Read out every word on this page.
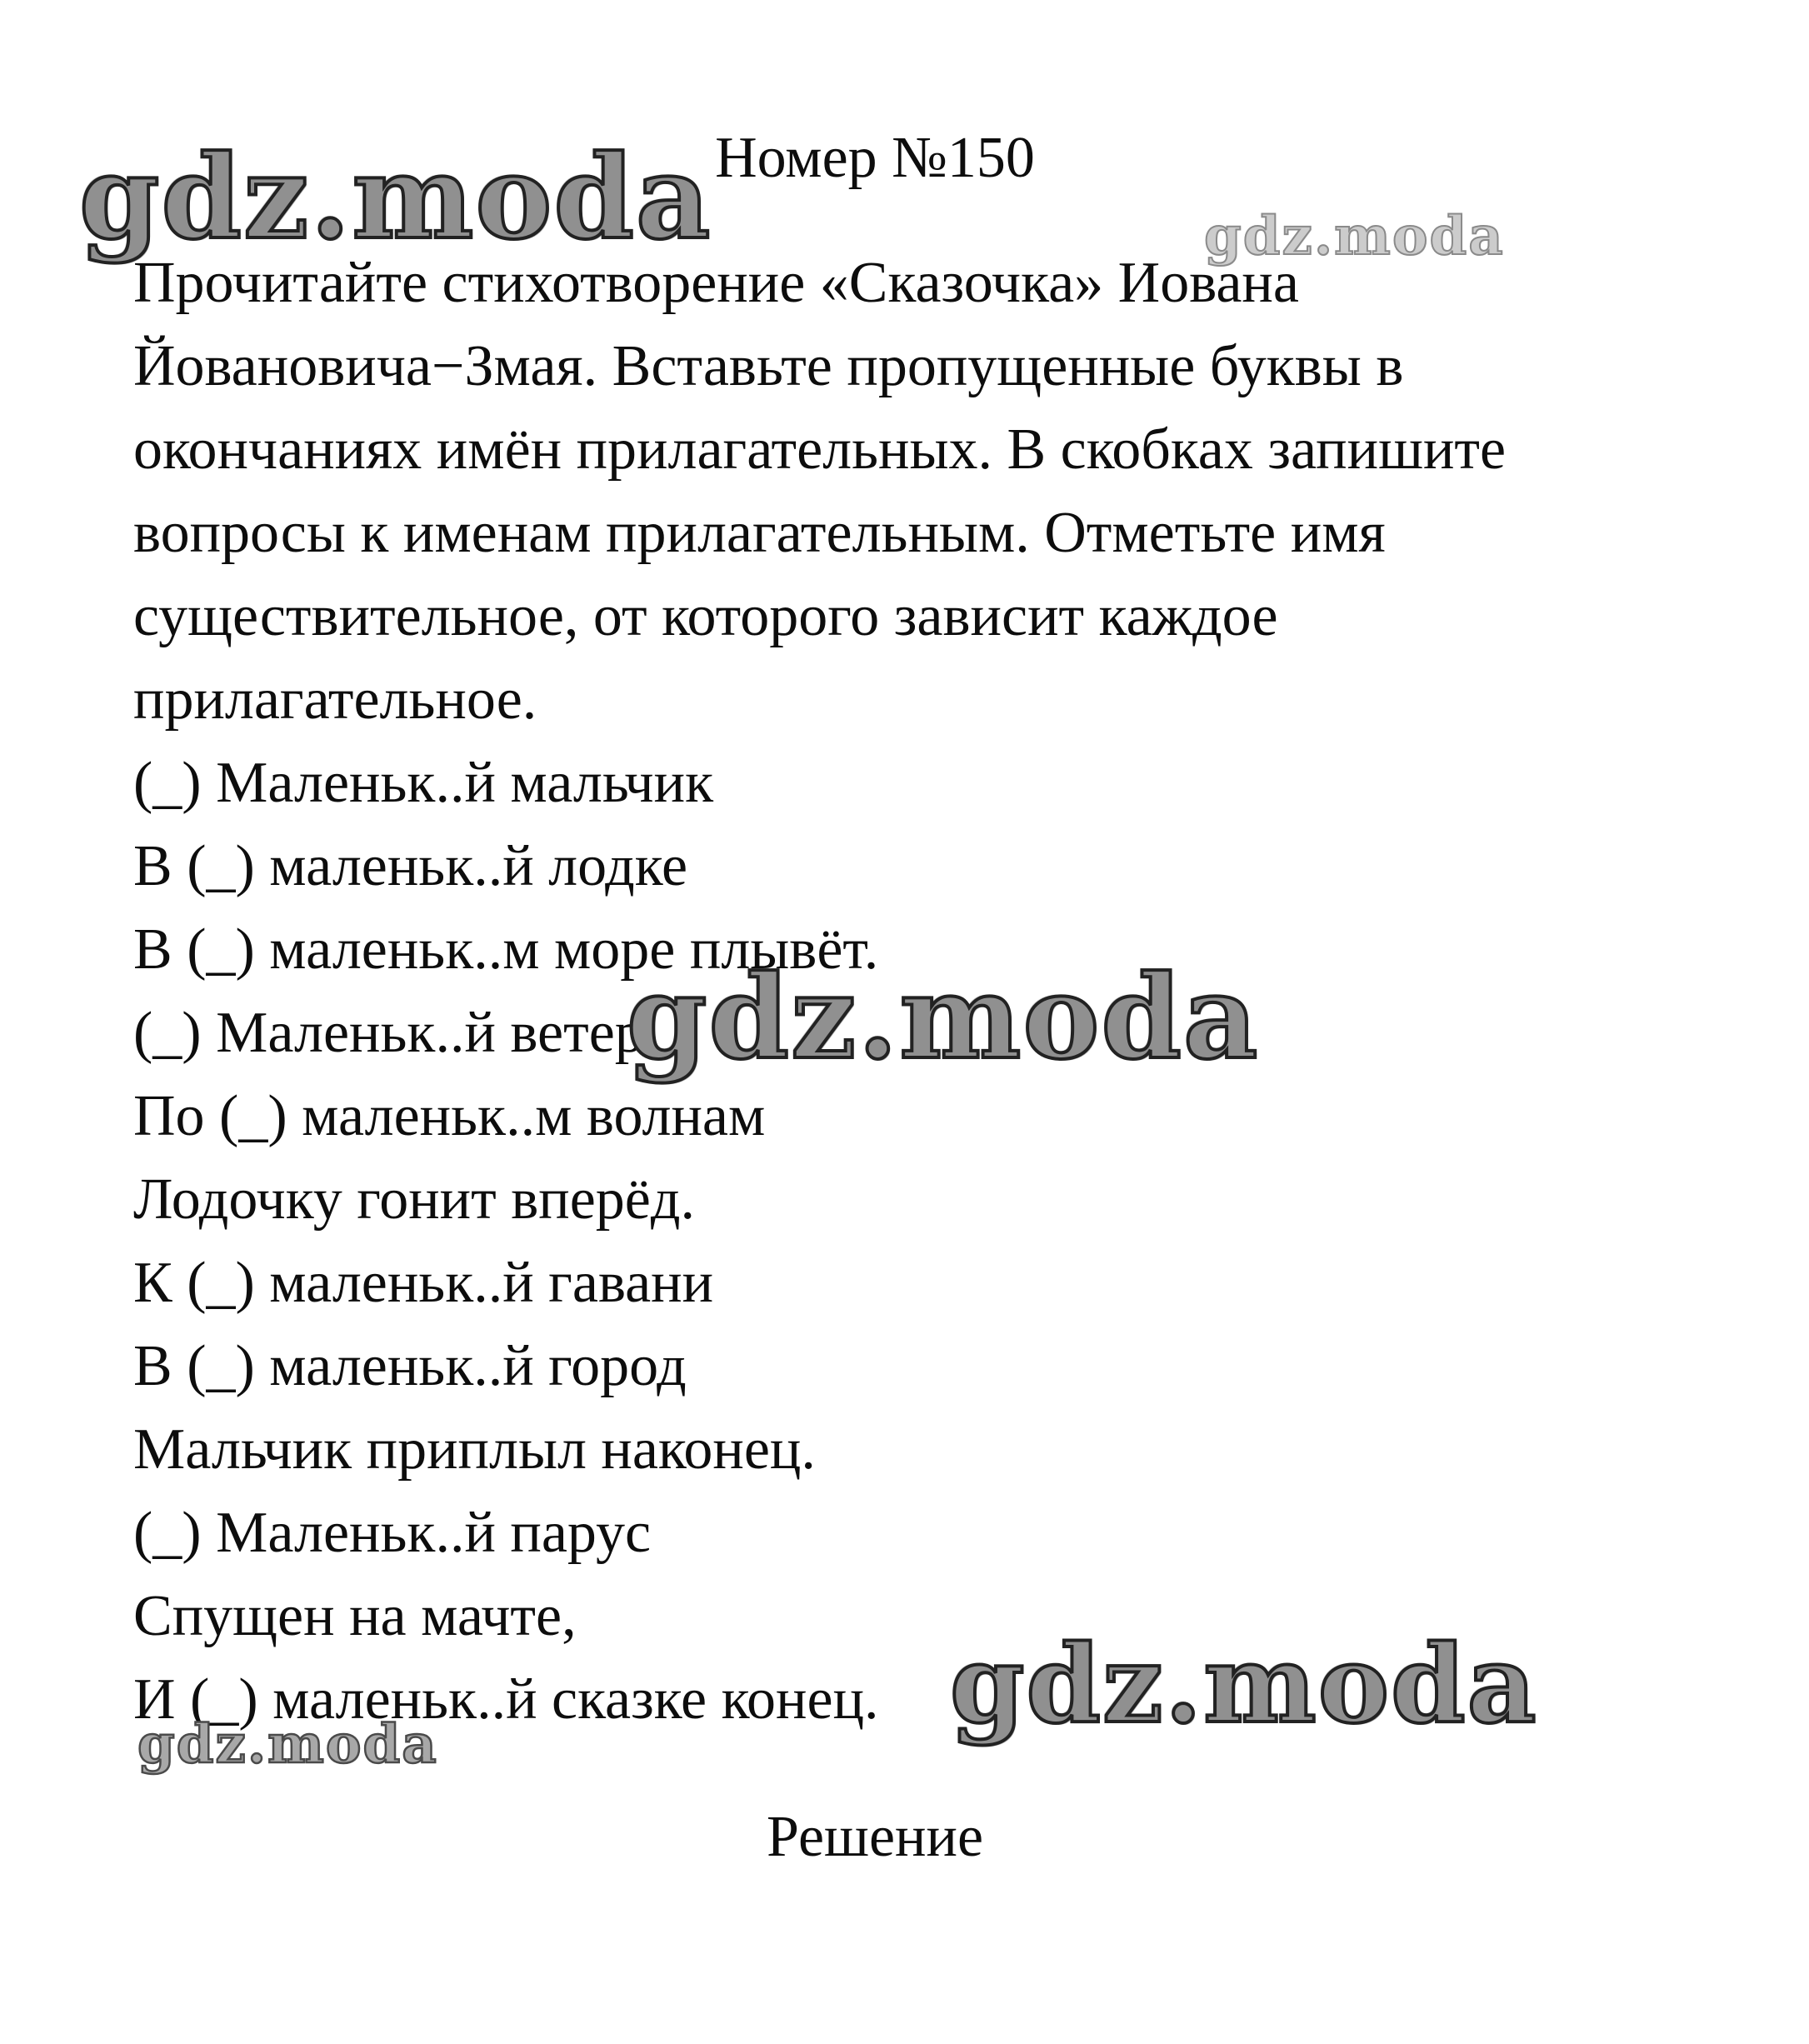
gdz.moda Номер №150
gdz.moda
Прочитайте стихотворение «Сказочка» Иована
Йовановича−Змая. Вставьте пропущенные буквы в
окончаниях имён прилагательных. В скобках запишите
вопросы к именам прилагательным. Отметьте имя
существительное, от которого зависит каждое
прилагательное.
(_) Маленьк..й мальчик
В (_) маленьк..й лодке
В (_) маленьк..м море плывёт.
(_) Маленьк..й ветер
По (_) маленьк..м волнам
Лодочку гонит вперёд.
К (_) маленьк..й гавани
В (_) маленьк..й город
Мальчик приплыл наконец.
(_) Маленьк..й парус
Спущен на мачте,
И (_) маленьк..й сказке конец.
gdz.moda
gdz.moda
gdz.moda
Решение
